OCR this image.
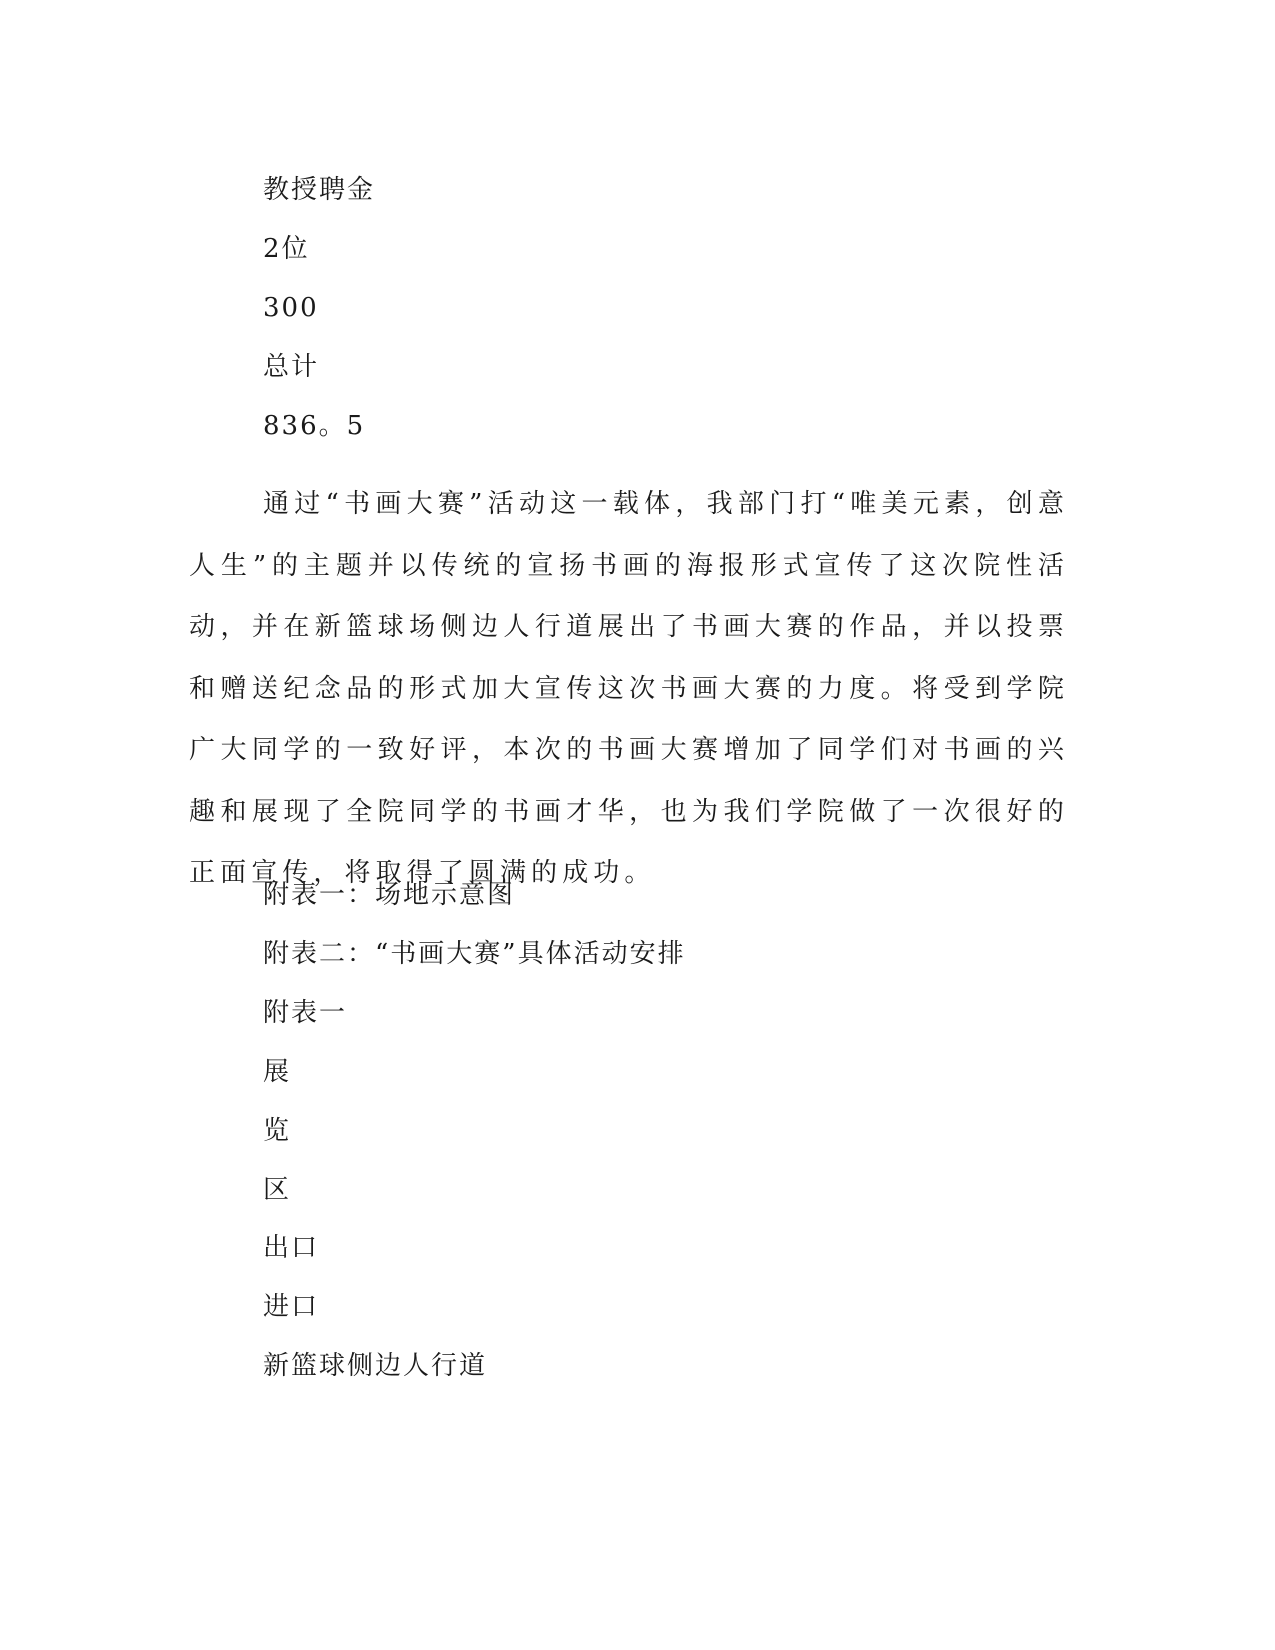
教授聘金
2位
300
总计
836。5

通过“书画大赛”活动这一载体，我部门打“唯美元素，创意人生”的主题并以传统的宣扬书画的海报形式宣传了这次院性活动，并在新篮球场侧边人行道展出了书画大赛的作品，并以投票和赠送纪念品的形式加大宣传这次书画大赛的力度。将受到学院广大同学的一致好评，本次的书画大赛增加了同学们对书画的兴趣和展现了全院同学的书画才华，也为我们学院做了一次很好的正面宣传，将取得了圆满的成功。

附表一：场地示意图
附表二：“书画大赛”具体活动安排
附表一
展
览
区
出口
进口
新篮球侧边人行道
